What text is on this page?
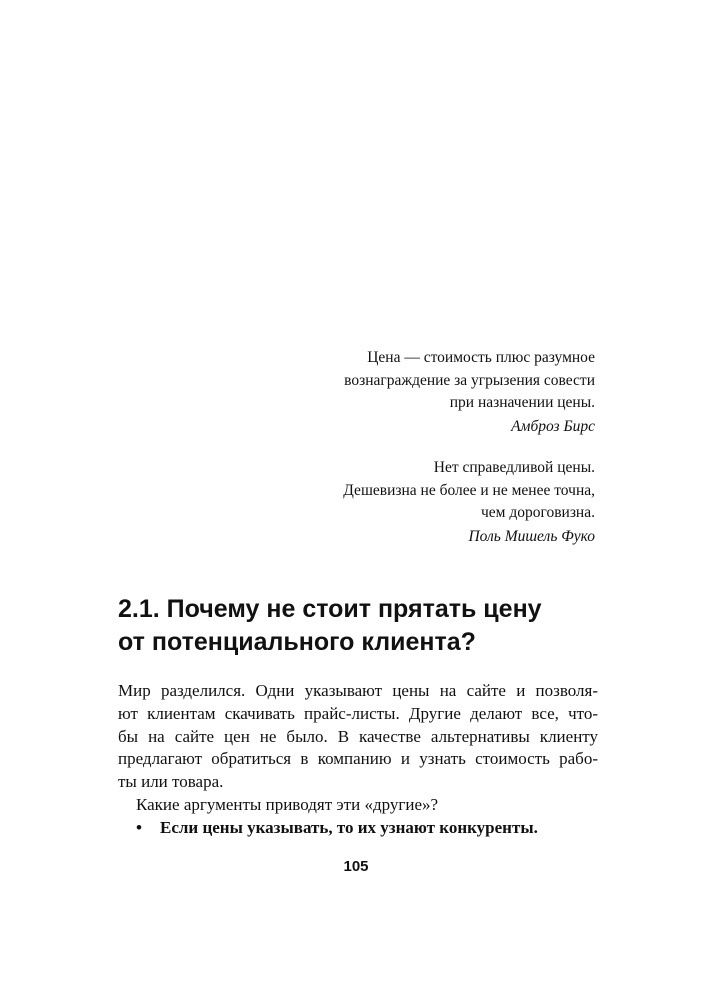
Цена — стоимость плюс разумное
вознаграждение за угрызения совести
при назначении цены.
Амброз Бирс
Нет справедливой цены.
Дешевизна не более и не менее точна,
чем дороговизна.
Поль Мишель Фуко
2.1. Почему не стоит прятать цену
от потенциального клиента?
Мир разделился. Одни указывают цены на сайте и позволя-
ют клиентам скачивать прайс-листы. Другие делают все, что-
бы на сайте цен не было. В качестве альтернативы клиенту
предлагают обратиться в компанию и узнать стоимость рабо-
ты или товара.
Какие аргументы приводят эти «другие»?
• Если цены указывать, то их узнают конкуренты.
105
